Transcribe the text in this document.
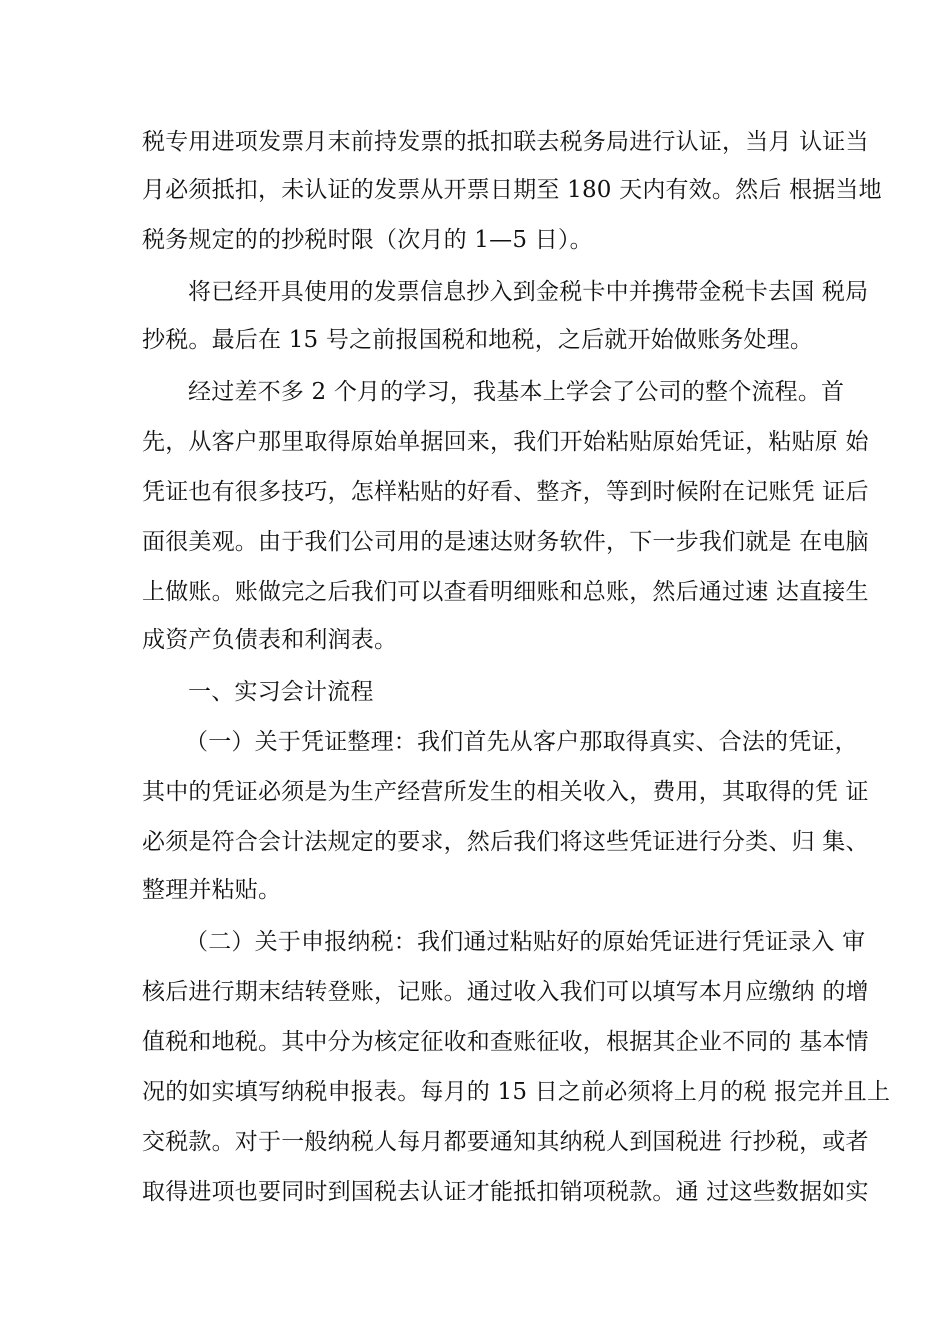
税专用进项发票月末前持发票的抵扣联去税务局进行认证，当月 认证当
月必须抵扣，未认证的发票从开票日期至 180 天内有效。然后 根据当地
税务规定的的抄税时限（次月的 1—5 日）。
将已经开具使用的发票信息抄入到金税卡中并携带金税卡去国 税局
抄税。最后在 15 号之前报国税和地税，之后就开始做账务处理。
经过差不多 2 个月的学习，我基本上学会了公司的整个流程。首
先，从客户那里取得原始单据回来，我们开始粘贴原始凭证，粘贴原 始
凭证也有很多技巧，怎样粘贴的好看、整齐，等到时候附在记账凭 证后
面很美观。由于我们公司用的是速达财务软件，下一步我们就是 在电脑
上做账。账做完之后我们可以查看明细账和总账，然后通过速 达直接生
成资产负债表和利润表。
一、实习会计流程
（一）关于凭证整理：我们首先从客户那取得真实、合法的凭证，
其中的凭证必须是为生产经营所发生的相关收入，费用，其取得的凭 证
必须是符合会计法规定的要求，然后我们将这些凭证进行分类、归 集、
整理并粘贴。
（二）关于申报纳税：我们通过粘贴好的原始凭证进行凭证录入 审
核后进行期末结转登账，记账。通过收入我们可以填写本月应缴纳 的增
值税和地税。其中分为核定征收和查账征收，根据其企业不同的 基本情
况的如实填写纳税申报表。每月的 15 日之前必须将上月的税 报完并且上
交税款。对于一般纳税人每月都要通知其纳税人到国税进 行抄税，或者
取得进项也要同时到国税去认证才能抵扣销项税款。通 过这些数据如实
